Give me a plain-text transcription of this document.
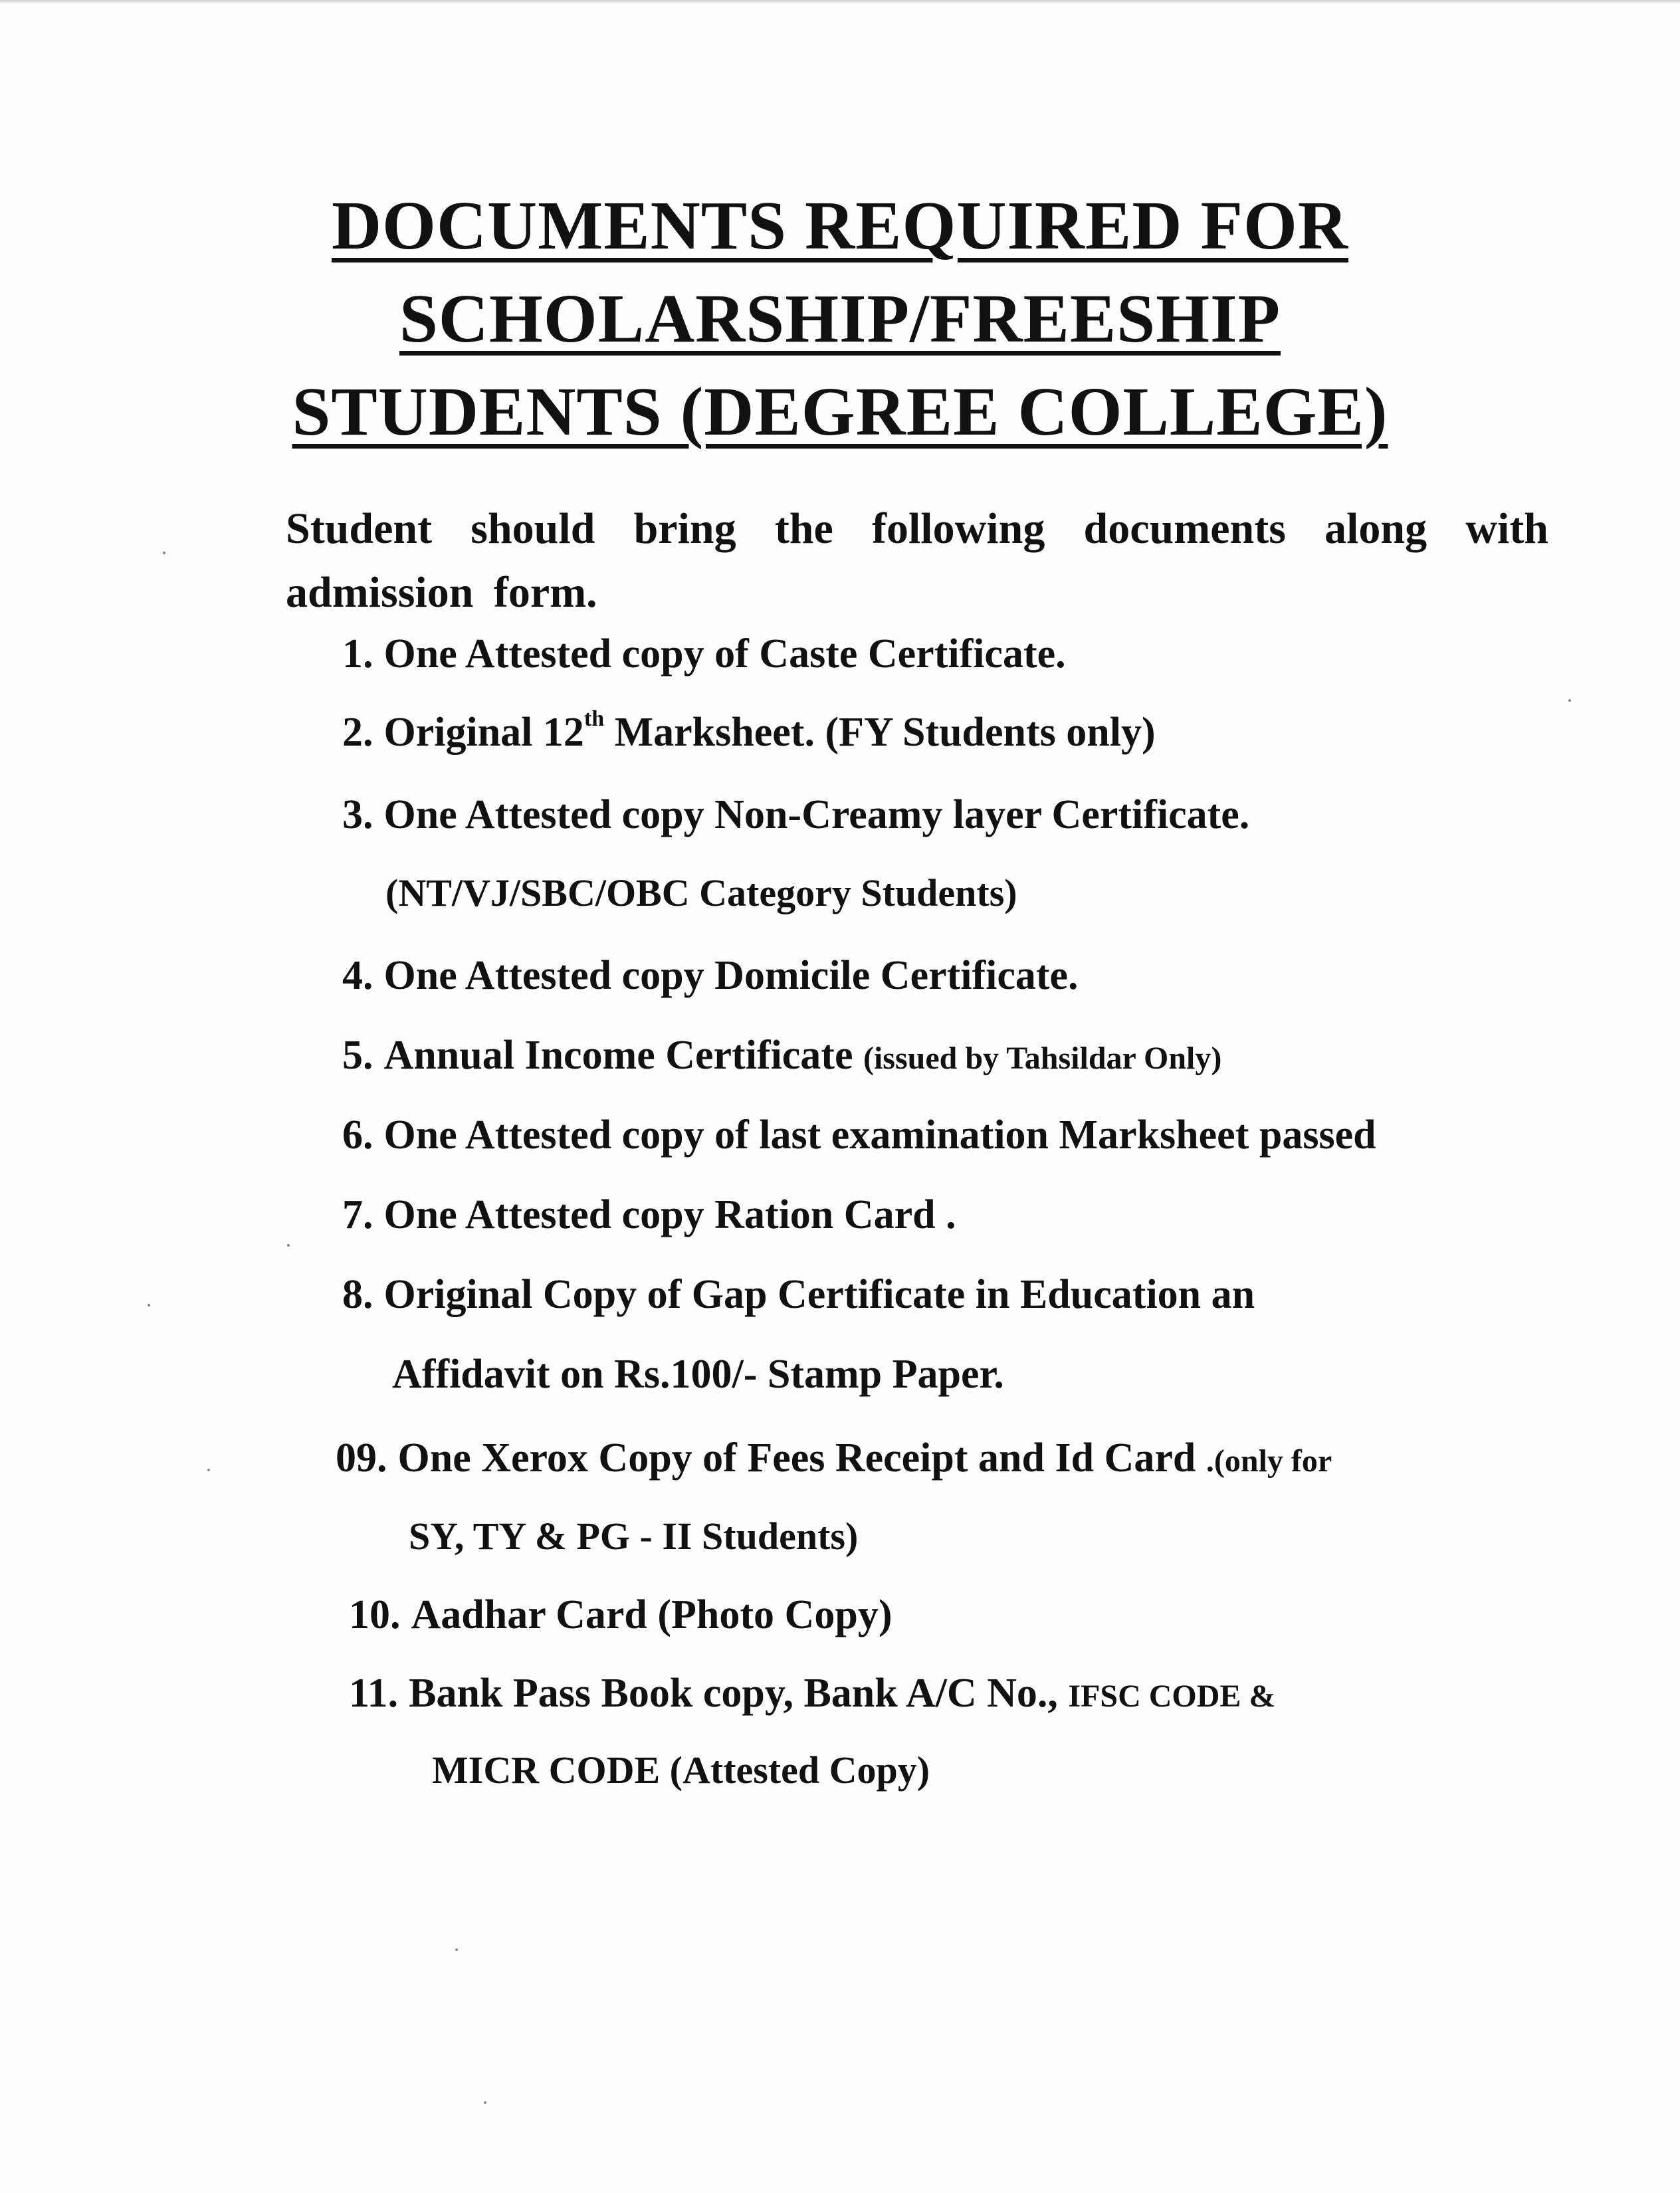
DOCUMENTS REQUIRED FOR
SCHOLARSHIP/FREESHIP
STUDENTS (DEGREE COLLEGE)
Student should bring the following documents along with admission form.
1. One Attested copy of Caste Certificate.
2. Original 12th Marksheet. (FY Students only)
3. One Attested copy Non-Creamy layer Certificate.
(NT/VJ/SBC/OBC Category Students)
4. One Attested copy Domicile Certificate.
5. Annual Income Certificate (issued by Tahsildar Only)
6. One Attested copy of last examination Marksheet passed
7. One Attested copy Ration Card .
8. Original Copy of Gap Certificate in Education an
Affidavit on Rs.100/- Stamp Paper.
09. One Xerox Copy of Fees Receipt and Id Card .(only for
SY, TY & PG - II Students)
10. Aadhar Card (Photo Copy)
11. Bank Pass Book copy, Bank A/C No., IFSC CODE &
MICR CODE (Attested Copy)
